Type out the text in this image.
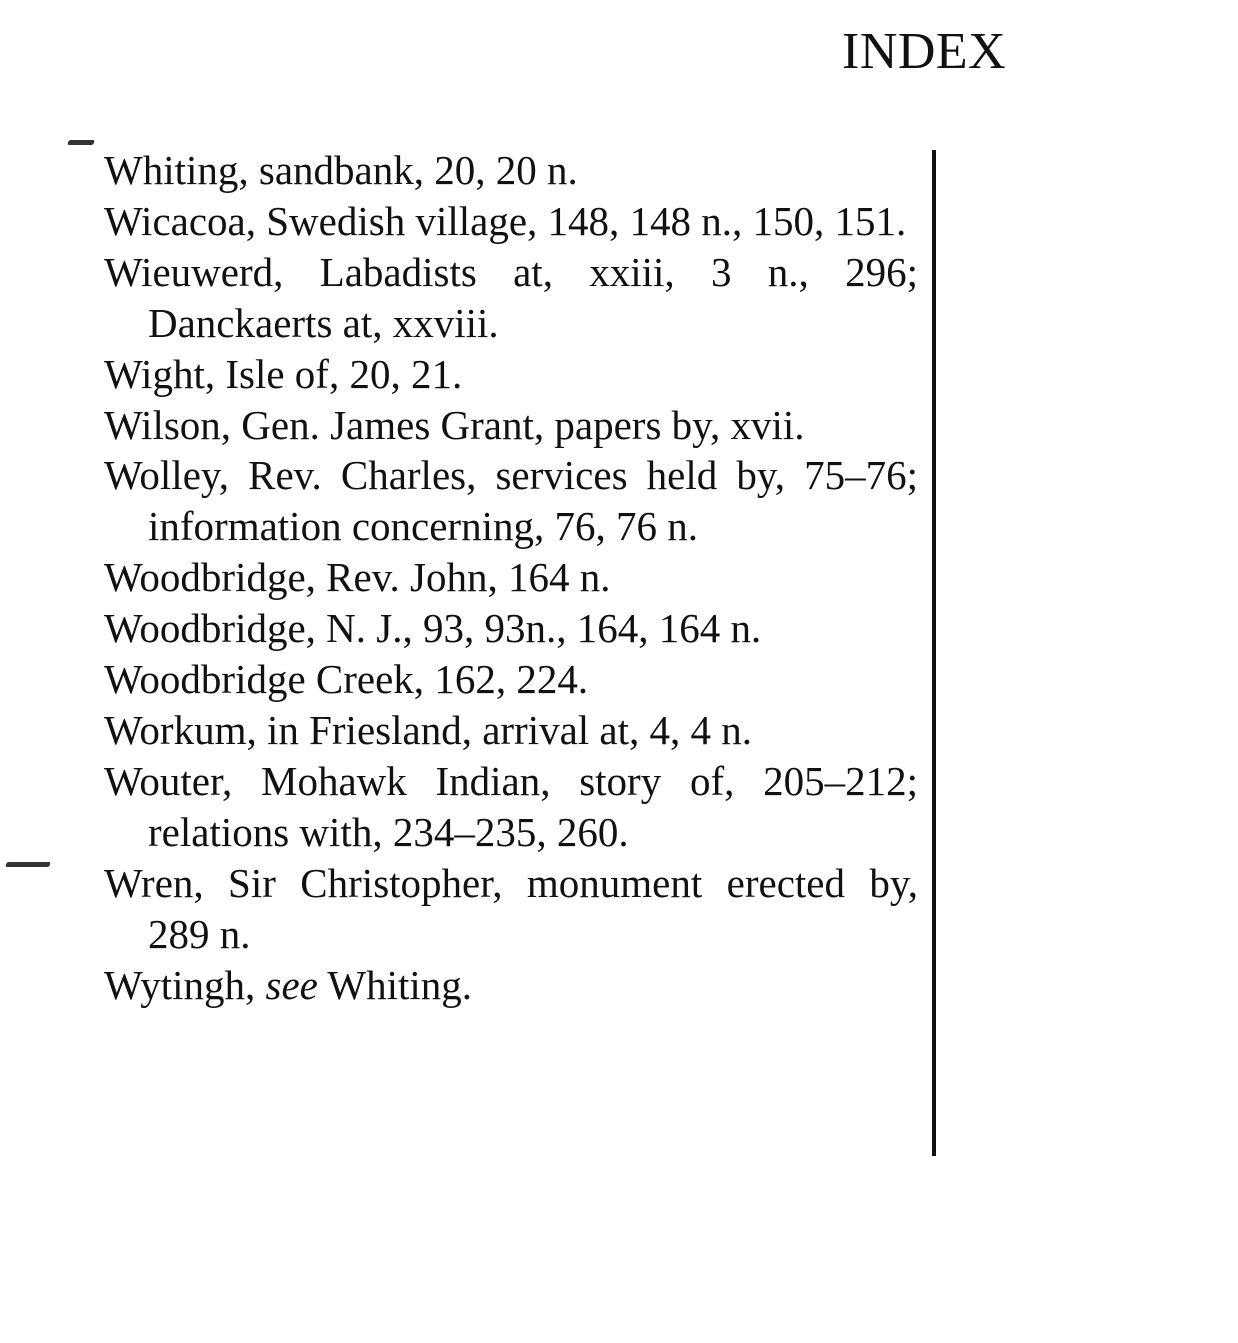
INDEX
Whiting, sandbank, 20, 20 n.
Wicacoa, Swedish village, 148, 148 n., 150, 151.
Wieuwerd, Labadists at, xxiii, 3 n., 296; Danckaerts at, xxviii.
Wight, Isle of, 20, 21.
Wilson, Gen. James Grant, papers by, xvii.
Wolley, Rev. Charles, services held by, 75–76; information concerning, 76, 76 n.
Woodbridge, Rev. John, 164 n.
Woodbridge, N. J., 93, 93n., 164, 164 n.
Woodbridge Creek, 162, 224.
Workum, in Friesland, arrival at, 4, 4 n.
Wouter, Mohawk Indian, story of, 205–212; relations with, 234–235, 260.
Wren, Sir Christopher, monument erected by, 289 n.
Wytingh, see Whiting.
